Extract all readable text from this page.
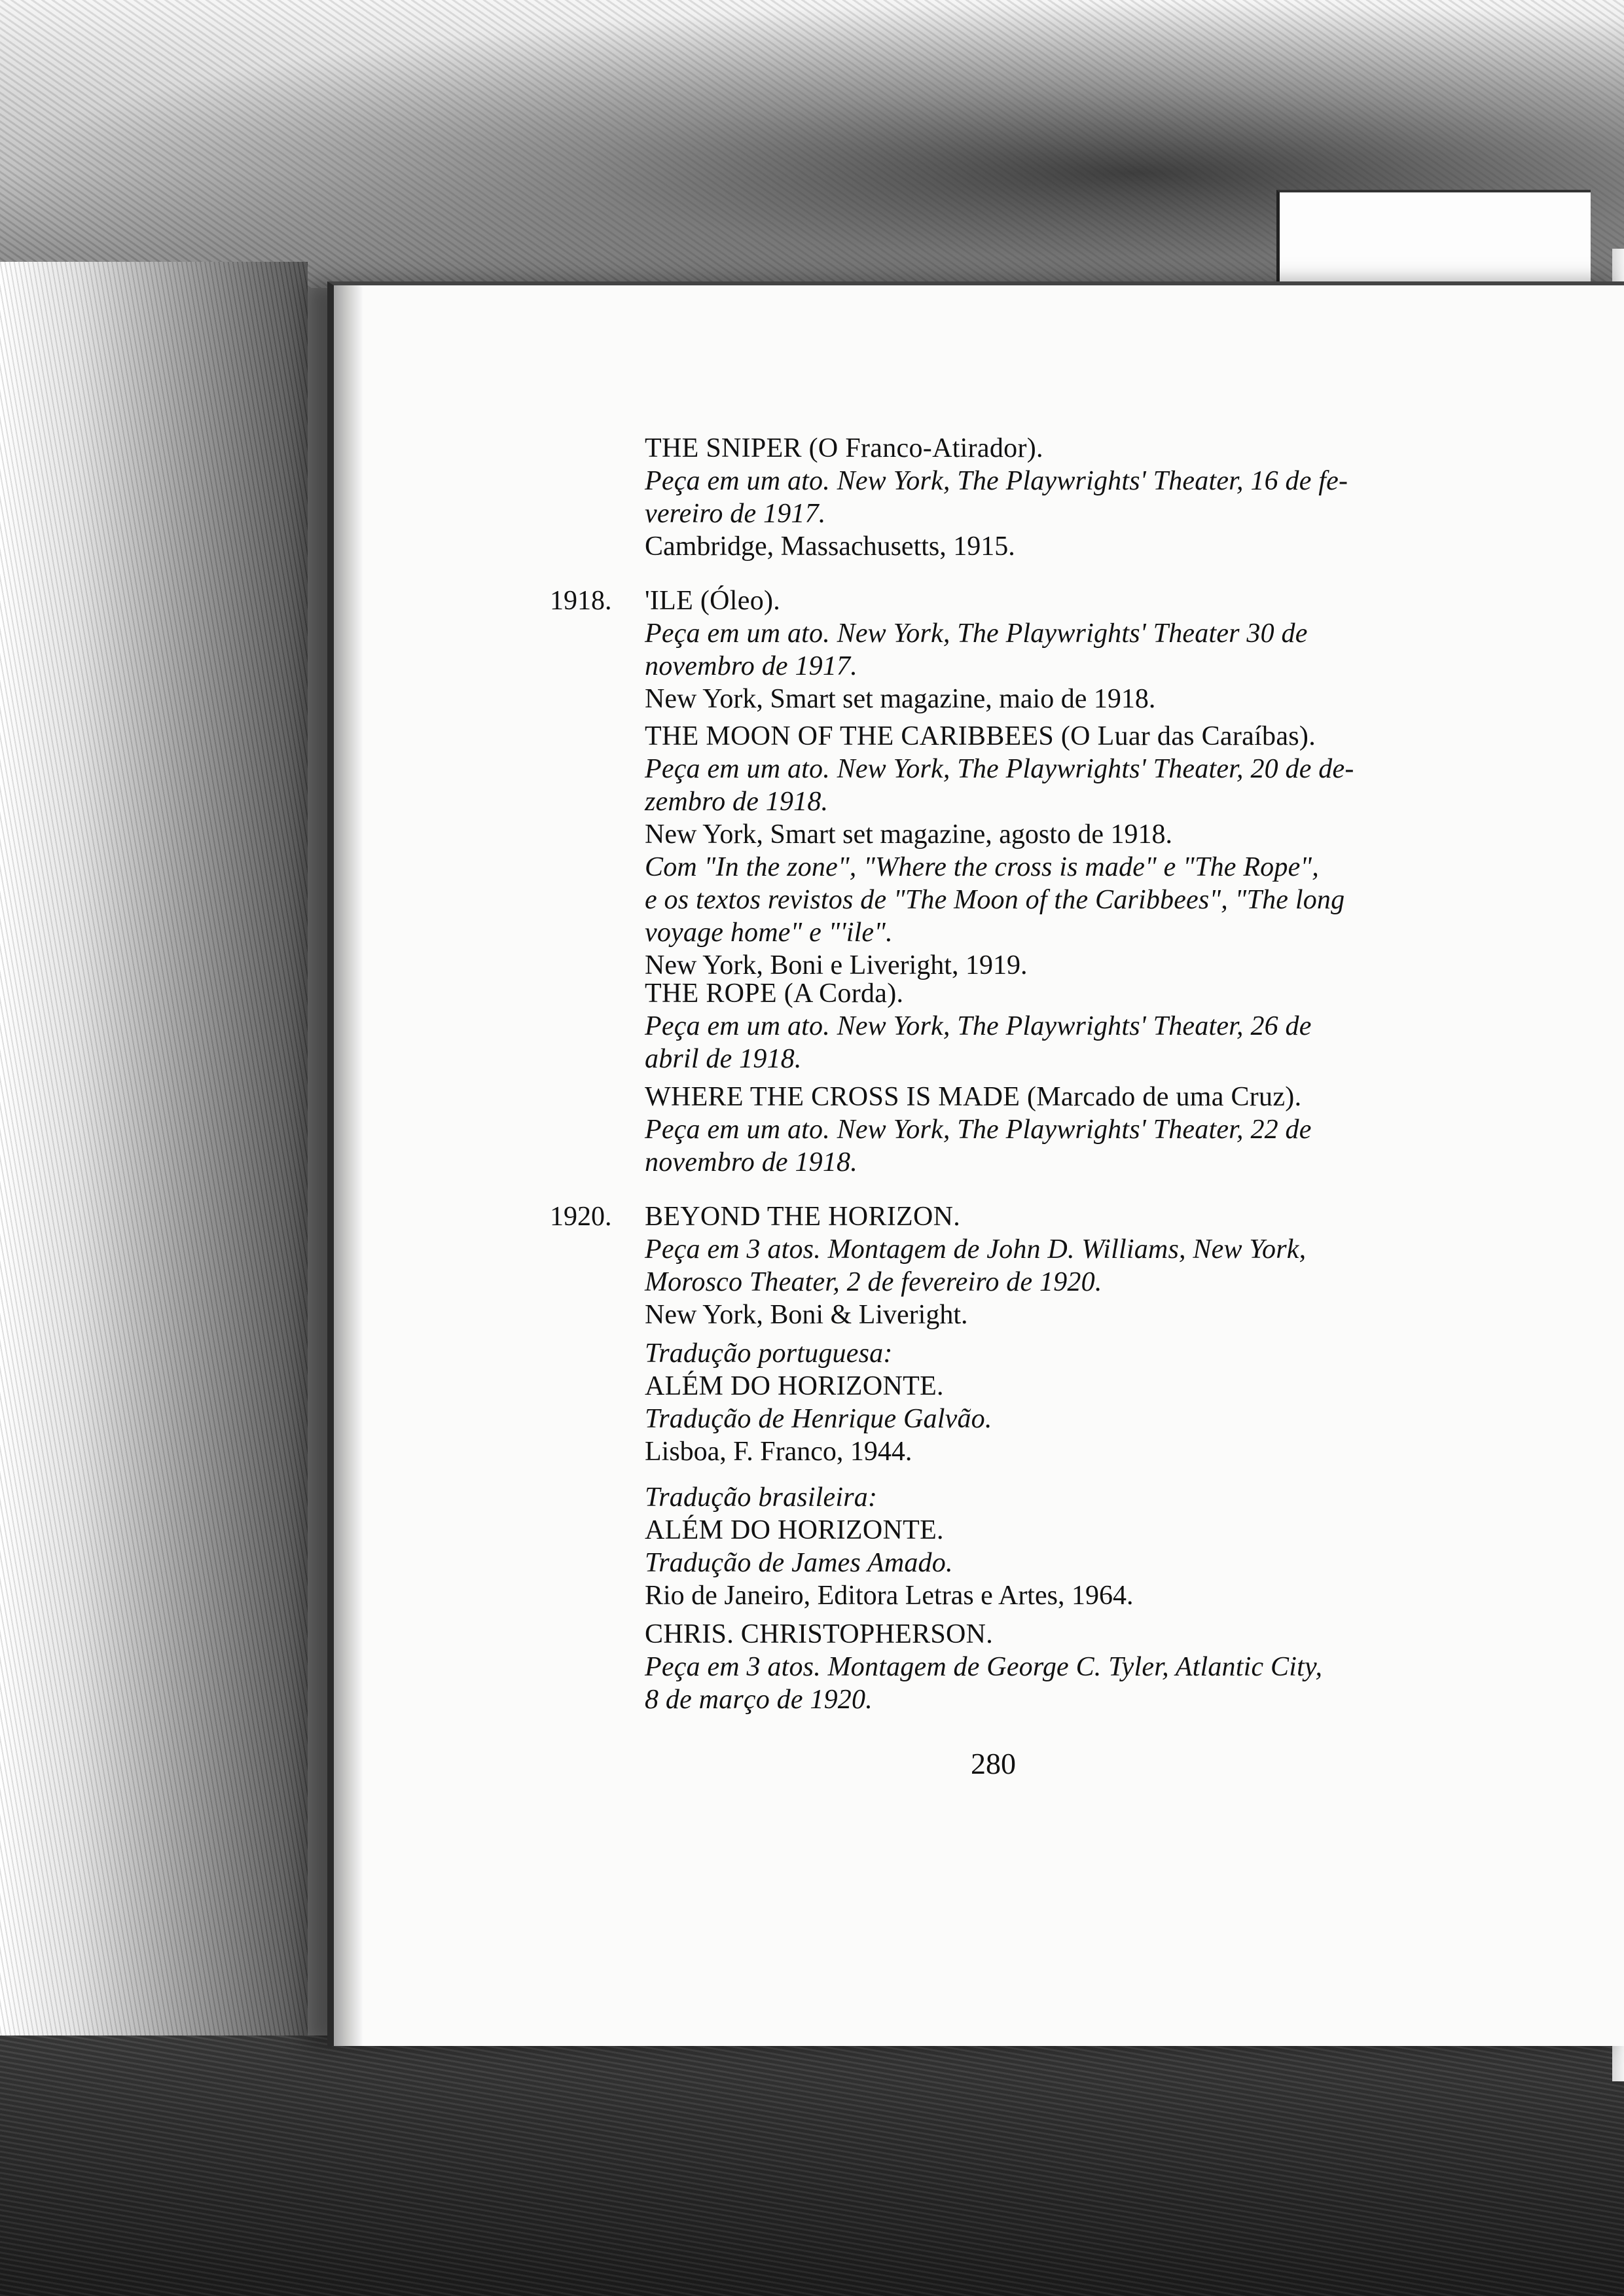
THE SNIPER (O Franco-Atirador).
Peça em um ato. New York, The Playwrights' Theater, 16 de fe-
vereiro de 1917.
Cambridge, Massachusetts, 1915.
1918. 'ILE (Óleo).
Peça em um ato. New York, The Playwrights' Theater 30 de
novembro de 1917.
New York, Smart set magazine, maio de 1918.
THE MOON OF THE CARIBBEES (O Luar das Caraíbas).
Peça em um ato. New York, The Playwrights' Theater, 20 de de-
zembro de 1918.
New York, Smart set magazine, agosto de 1918.
Com "In the zone", "Where the cross is made" e "The Rope",
e os textos revistos de "The Moon of the Caribbees", "The long
voyage home" e "'ile".
New York, Boni e Liveright, 1919.
THE ROPE (A Corda).
Peça em um ato. New York, The Playwrights' Theater, 26 de
abril de 1918.
WHERE THE CROSS IS MADE (Marcado de uma Cruz).
Peça em um ato. New York, The Playwrights' Theater, 22 de
novembro de 1918.
1920. BEYOND THE HORIZON.
Peça em 3 atos. Montagem de John D. Williams, New York,
Morosco Theater, 2 de fevereiro de 1920.
New York, Boni & Liveright.
Tradução portuguesa:
ALÉM DO HORIZONTE.
Tradução de Henrique Galvão.
Lisboa, F. Franco, 1944.
Tradução brasileira:
ALÉM DO HORIZONTE.
Tradução de James Amado.
Rio de Janeiro, Editora Letras e Artes, 1964.
CHRIS. CHRISTOPHERSON.
Peça em 3 atos. Montagem de George C. Tyler, Atlantic City,
8 de março de 1920.
280
